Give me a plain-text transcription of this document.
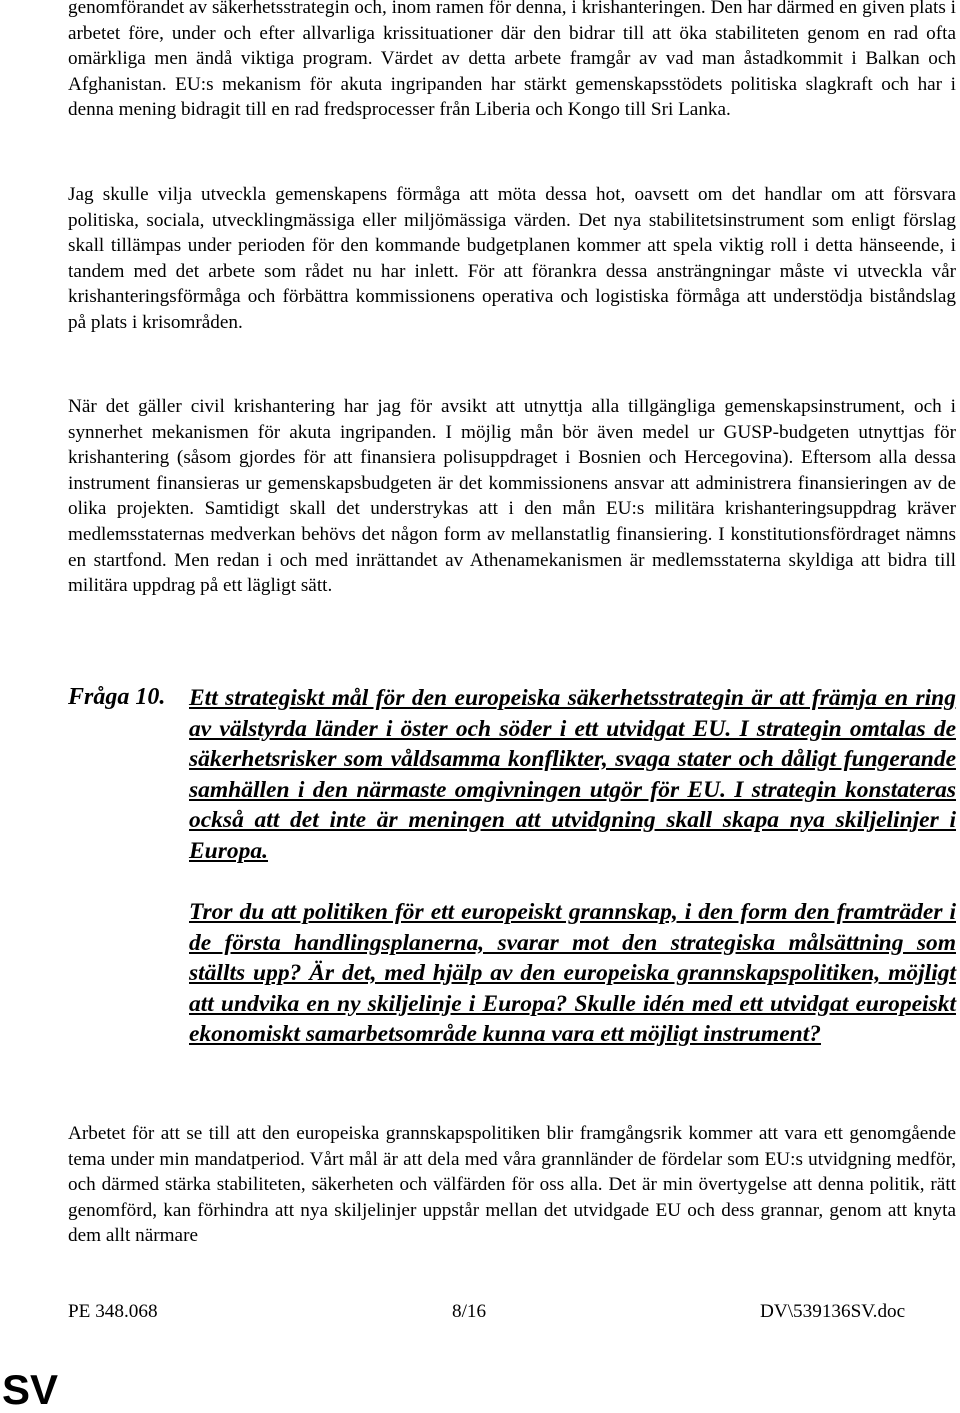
genomförandet av säkerhetsstrategin och, inom ramen för denna, i krishanteringen. Den har därmed en given plats i arbetet före, under och efter allvarliga krissituationer där den bidrar till att öka stabiliteten genom en rad ofta omärkliga men ändå viktiga program. Värdet av detta arbete framgår av vad man åstadkommit i Balkan och Afghanistan. EU:s mekanism för akuta ingripanden har stärkt gemenskapsstödets politiska slagkraft och har i denna mening bidragit till en rad fredsprocesser från Liberia och Kongo till Sri Lanka.

Jag skulle vilja utveckla gemenskapens förmåga att möta dessa hot, oavsett om det handlar om att försvara politiska, sociala, utvecklingmässiga eller miljömässiga värden. Det nya stabilitetsinstrument som enligt förslag skall tillämpas under perioden för den kommande budgetplanen kommer att spela viktig roll i detta hänseende, i tandem med det arbete som rådet nu har inlett. För att förankra dessa ansträngningar måste vi utveckla vår krishanteringsförmåga och förbättra kommissionens operativa och logistiska förmåga att understödja biståndslag på plats i krisområden.

När det gäller civil krishantering har jag för avsikt att utnyttja alla tillgängliga gemenskapsinstrument, och i synnerhet mekanismen för akuta ingripanden. I möjlig mån bör även medel ur GUSP-budgeten utnyttjas för krishantering (såsom gjordes för att finansiera polisuppdraget i Bosnien och Hercegovina). Eftersom alla dessa instrument finansieras ur gemenskapsbudgeten är det kommissionens ansvar att administrera finansieringen av de olika projekten. Samtidigt skall det understrykas att i den mån EU:s militära krishanteringsuppdrag kräver medlemsstaternas medverkan behövs det någon form av mellanstatlig finansiering. I konstitutionsfördraget nämns en startfond. Men redan i och med inrättandet av Athenamekanismen är medlemsstaterna skyldiga att bidra till militära uppdrag på ett lägligt sätt.

Fråga 10. Ett strategiskt mål för den europeiska säkerhetsstrategin är att främja en ring av välstyrda länder i öster och söder i ett utvidgat EU. I strategin omtalas de säkerhetsrisker som våldsamma konflikter, svaga stater och dåligt fungerande samhällen i den närmaste omgivningen utgör för EU. I strategin konstateras också att det inte är meningen att utvidgning skall skapa nya skiljelinjer i Europa.

Tror du att politiken för ett europeiskt grannskap, i den form den framträder i de första handlingsplanerna, svarar mot den strategiska målsättning som ställts upp? Är det, med hjälp av den europeiska grannskapspolitiken, möjligt att undvika en ny skiljelinje i Europa? Skulle idén med ett utvidgat europeiskt ekonomiskt samarbetsområde kunna vara ett möjligt instrument?

Arbetet för att se till att den europeiska grannskapspolitiken blir framgångsrik kommer att vara ett genomgående tema under min mandatperiod. Vårt mål är att dela med våra grannländer de fördelar som EU:s utvidgning medför, och därmed stärka stabiliteten, säkerheten och välfärden för oss alla. Det är min övertygelse att denna politik, rätt genomförd, kan förhindra att nya skiljelinjer uppstår mellan det utvidgade EU och dess grannar, genom att knyta dem allt närmare

PE 348.068	8/16	DV\539136SV.doc

SV
